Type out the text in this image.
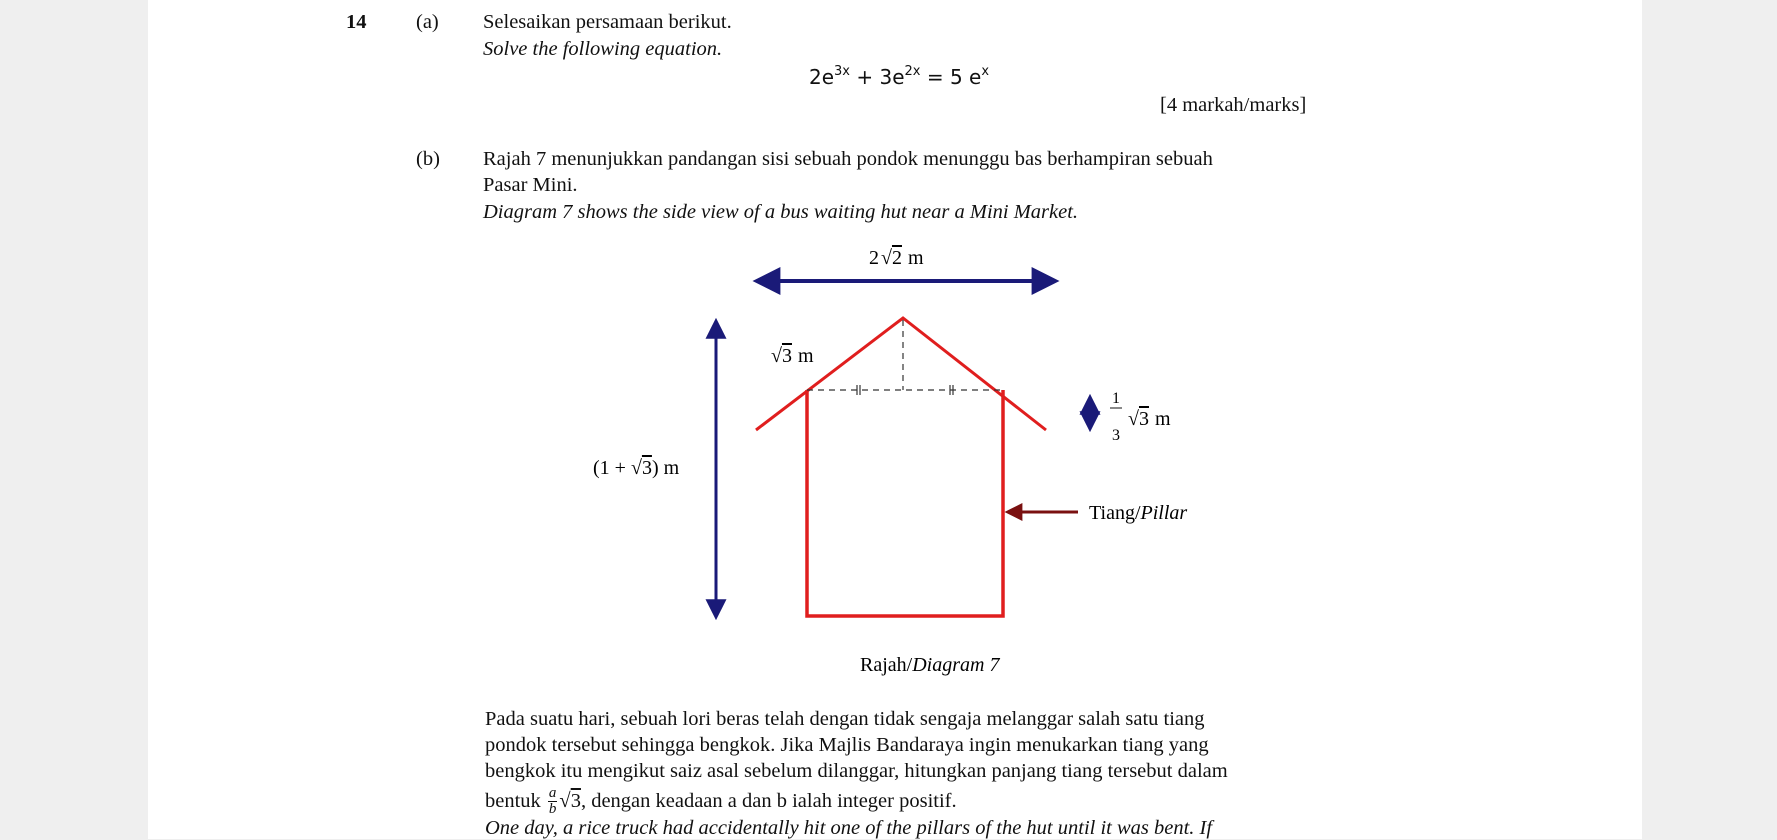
14 (a) Selesaikan persamaan berikut.
Solve the following equation.
$2e^{3x} + 3e^{2x} = 5$ $e^x$
[4 markah/marks]
(b) Rajah 7 menunjukkan pandangan sisi sebuah pondok menunggu bas berhampiran sebuah
Pasar Mini.
Diagram 7 shows the side view of a bus waiting hut near a Mini Market.
2 √2 m
(1 + √3) m
√3 m
1
3
√3 m
Tiang/Pillar
Rajah/Diagram 7
Pada suatu hari, sebuah lori beras telah dengan tidak sengaja melanggar salah satu tiang
pondok tersebut sehingga bengkok. Jika Majlis Bandaraya ingin menukarkan tiang yang
bengkok itu mengikut saiz asal sebelum dilanggar, hitungkan panjang tiang tersebut dalam
bentuk $\frac{a}{b}$ √ 3 , dengan keadaan a dan b ialah integer positif.
One day, a rice truck had accidentally hit one of the pillars of the hut until it was bent. If
